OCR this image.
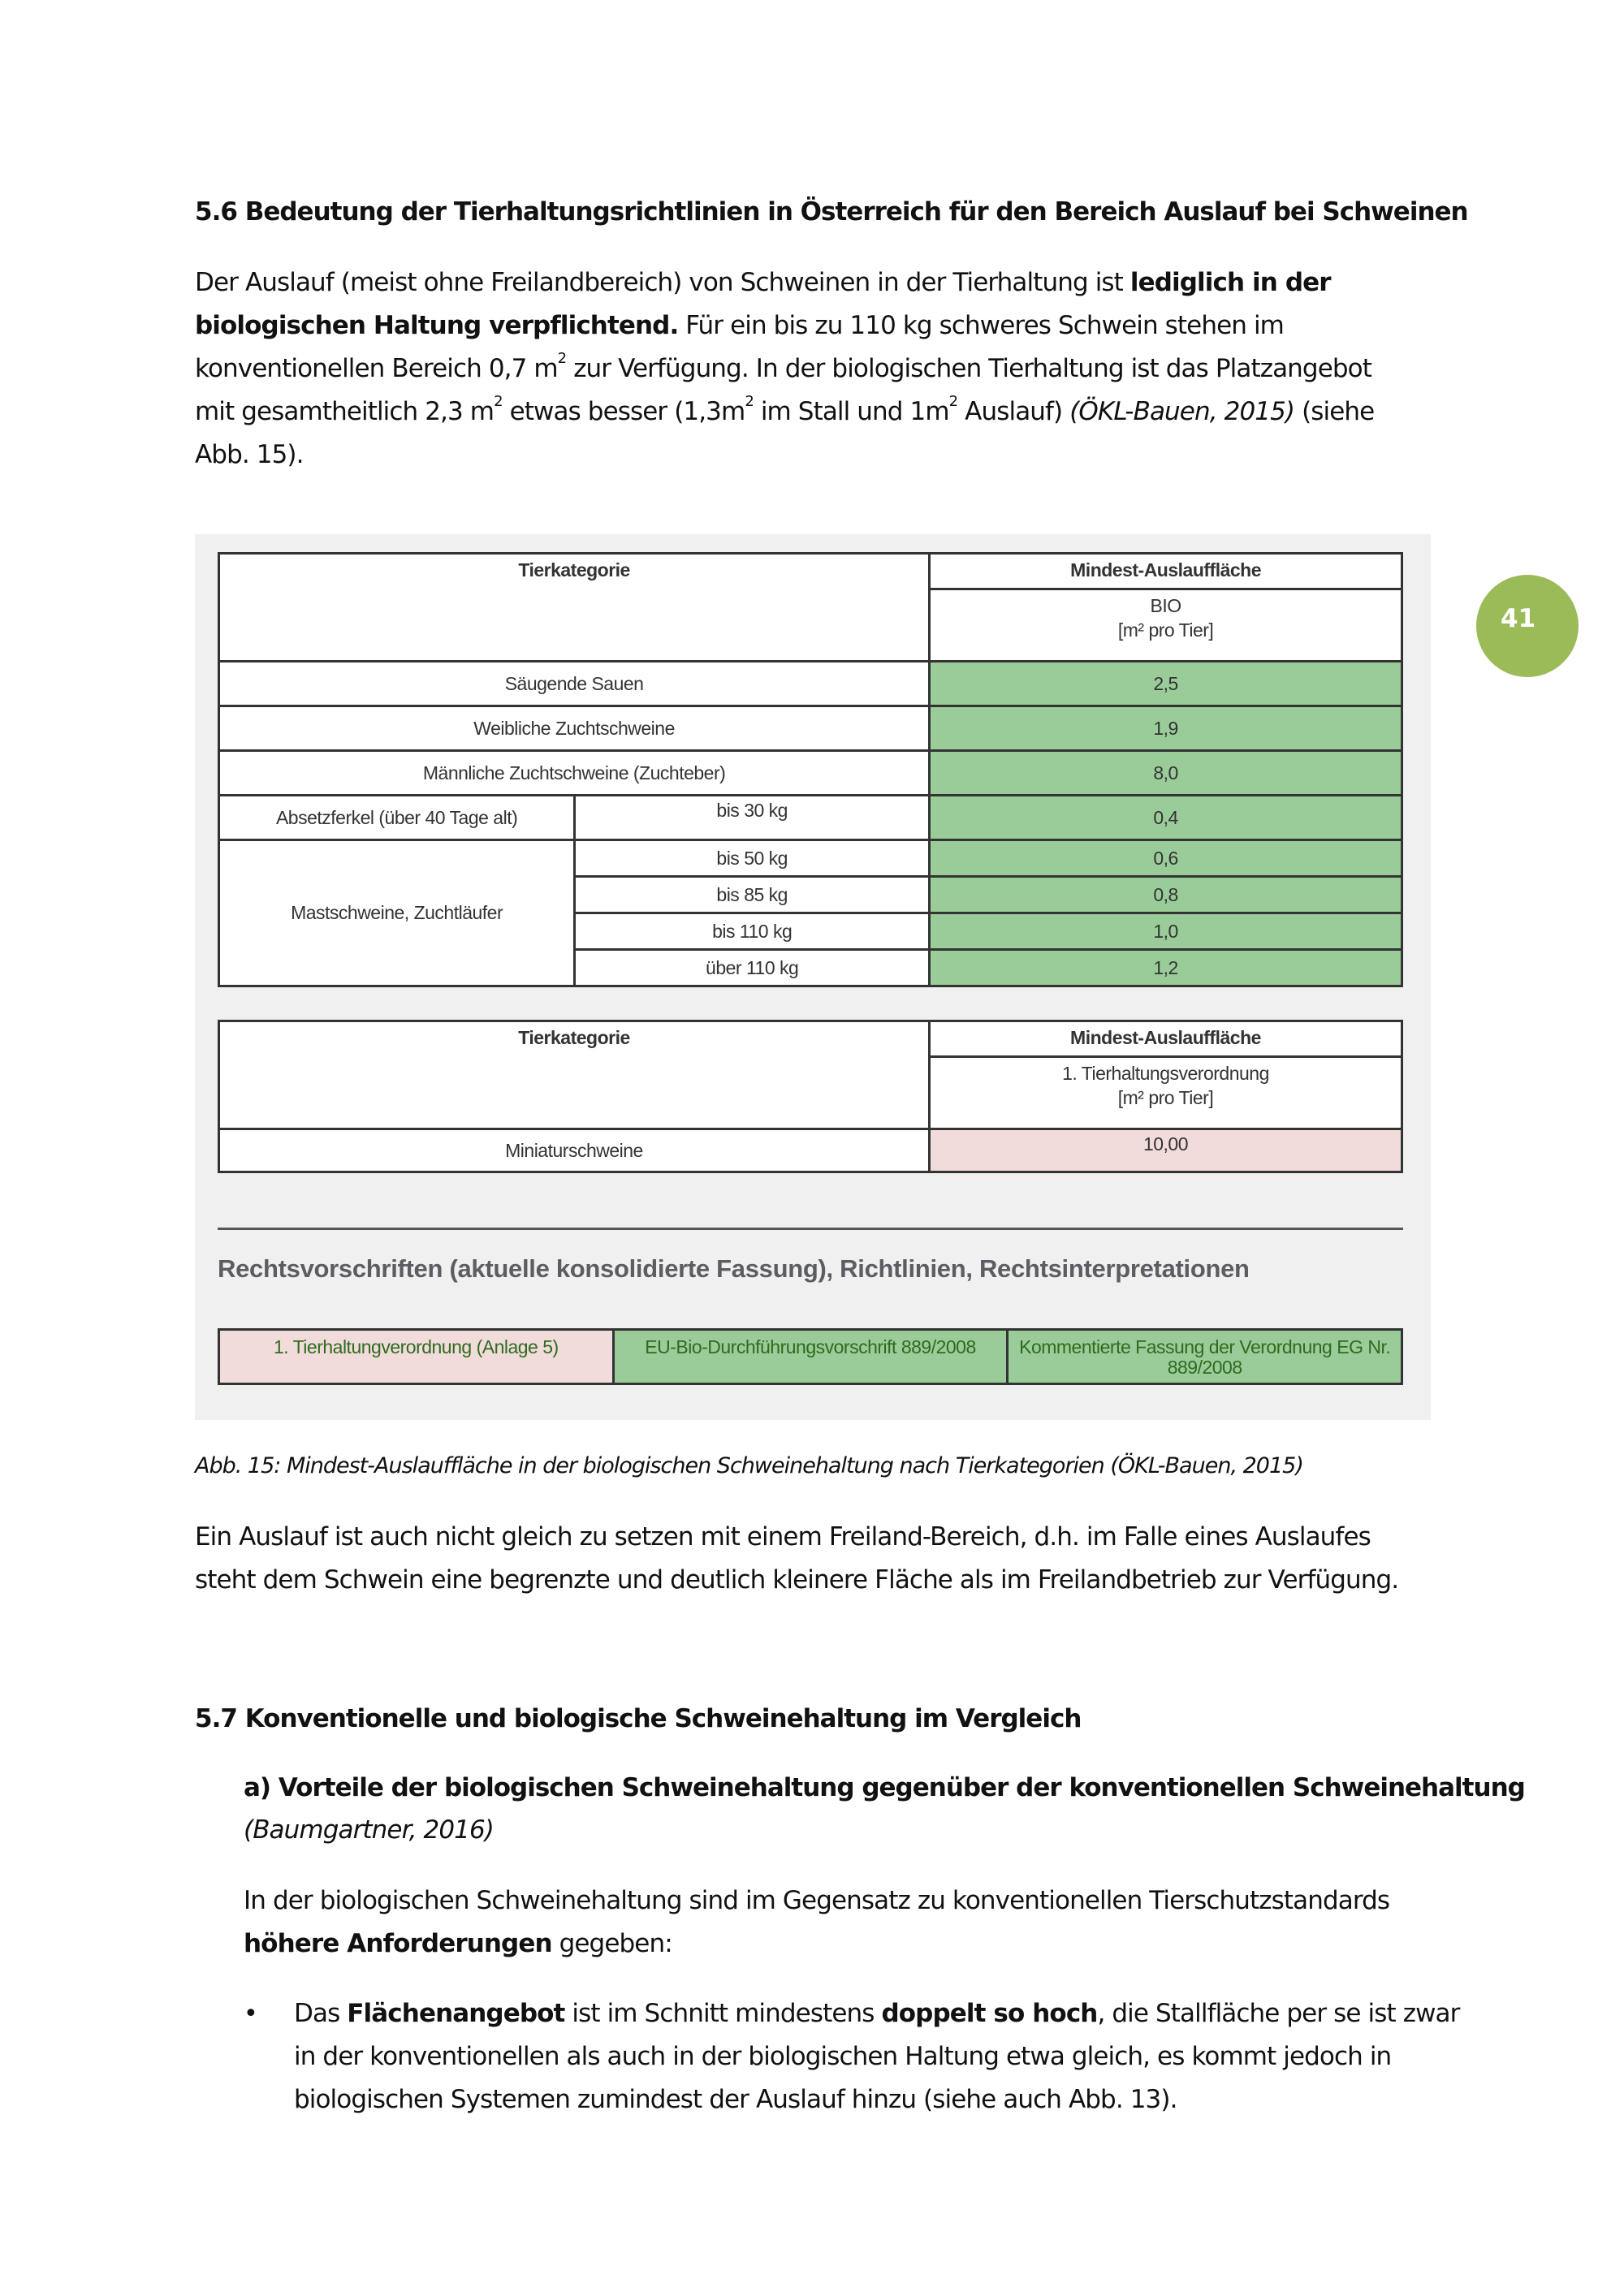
41
5.6 Bedeutung der Tierhaltungsrichtlinien in Österreich für den Bereich Auslauf bei Schweinen
Der Auslauf (meist ohne Freilandbereich) von Schweinen in der Tierhaltung ist lediglich in der
biologischen Haltung verpflichtend. Für ein bis zu 110 kg schweres Schwein stehen im
konventionellen Bereich 0,7 $m^2$ zur Verfügung. In der biologischen Tierhaltung ist das Platzangebot
mit gesamtheitlich 2,3 $m^2$ etwas besser ($1,3m^2$ im Stall und $1m^2$ Auslauf) (ÖKL-Bauen, 2015) (siehe
Abb. 15).
Tierkategorie		Mindest-Auslauffläche

		BIO
[m² pro Tier]

Säugende Sauen		2,5
Weibliche Zuchtschweine		1,9
Männliche Zuchtschweine (Zuchteber)		8,0
Absetzferkel (über 40 Tage alt)	bis 30 kg	0,4
Mastschweine, Zuchtläufer	bis 50 kg	0,6
	bis 85 kg	0,8
	bis 110 kg	1,0
	über 110 kg	1,2
Tierkategorie	Mindest-Auslauffläche

	1. Tierhaltungsverordnung
[m² pro Tier]

Miniaturschweine	10,00
Rechtsvorschriften (aktuelle konsolidierte Fassung), Richtlinien, Rechtsinterpretationen
1. Tierhaltungverordnung (Anlage 5)	EU-Bio-Durchführungsvorschrift 889/2008	Kommentierte Fassung der Verordnung EG Nr. 889/2008
Abb. 15: Mindest-Auslauffläche in der biologischen Schweinehaltung nach Tierkategorien (ÖKL-Bauen, 2015)
Ein Auslauf ist auch nicht gleich zu setzen mit einem Freiland-Bereich, d.h. im Falle eines Auslaufes
steht dem Schwein eine begrenzte und deutlich kleinere Fläche als im Freilandbetrieb zur Verfügung.
5.7 Konventionelle und biologische Schweinehaltung im Vergleich
a) Vorteile der biologischen Schweinehaltung gegenüber der konventionellen Schweinehaltung
(Baumgartner, 2016)
In der biologischen Schweinehaltung sind im Gegensatz zu konventionellen Tierschutzstandards
höhere Anforderungen gegeben:
• Das Flächenangebot ist im Schnitt mindestens doppelt so hoch, die Stallfläche per se ist zwar
in der konventionellen als auch in der biologischen Haltung etwa gleich, es kommt jedoch in
biologischen Systemen zumindest der Auslauf hinzu (siehe auch Abb. 13).
